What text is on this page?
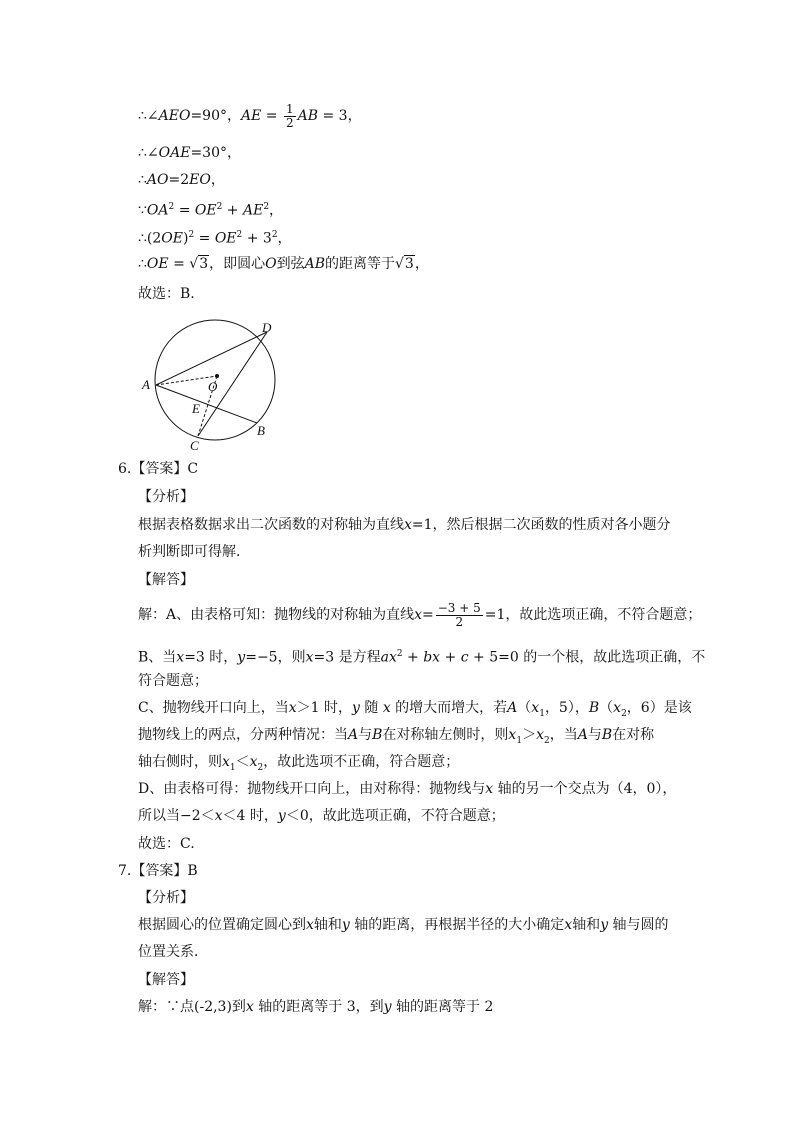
∴∠AEO=90°，AE = $\frac{1}{2}$ AB = 3，
∴∠OAE=30°，
∴AO=2EO，
$\because OA^2 = OE^2 + AE^2$，
$\therefore(2OE)^2 = OE^2 + 3^2$，
∴OE = √3，即圆心O到弦AB的距离等于√3，
故选：B.
D
A	O
E
B
C
6.【答案】C
【分析】
根据表格数据求出二次函数的对称轴为直线x=1，然后根据二次函数的性质对各小题分
析判断即可得解．
【解答】
解：A、由表格可知：抛物线的对称轴为直线$x= \frac{-3 + 5}{2} =1$，故此选项正确，不符合题意；
B、当x=3 时，y=−5，则x=3 是方程$ax^2$ + bx + c + 5=0 的一个根，故此选项正确，不
符合题意；
C、抛物线开口向上，当x＞1 时，y 随 x 的增大而增大，若$A(x_1$，5），$B(x_2$，6）是该
抛物线上的两点，分两种情况：当A与B在对称轴左侧时，则$x_1>x_2$，当A与B在对称
轴右侧时，则$x_1<x_2$，故此选项不正确，符合题意；
D、由表格可得：抛物线开口向上，由对称得：抛物线与x 轴的另一个交点为（4，0），
所以当−2＜x＜4 时，y＜0，故此选项正确，不符合题意；
故选：C.
7.【答案】B
【分析】
根据圆心的位置确定圆心到x轴和y 轴的距离，再根据半径的大小确定x轴和y 轴与圆的
位置关系．
【解答】
解：∵点(-2,3)到x 轴的距离等于 3，到y 轴的距离等于 2
